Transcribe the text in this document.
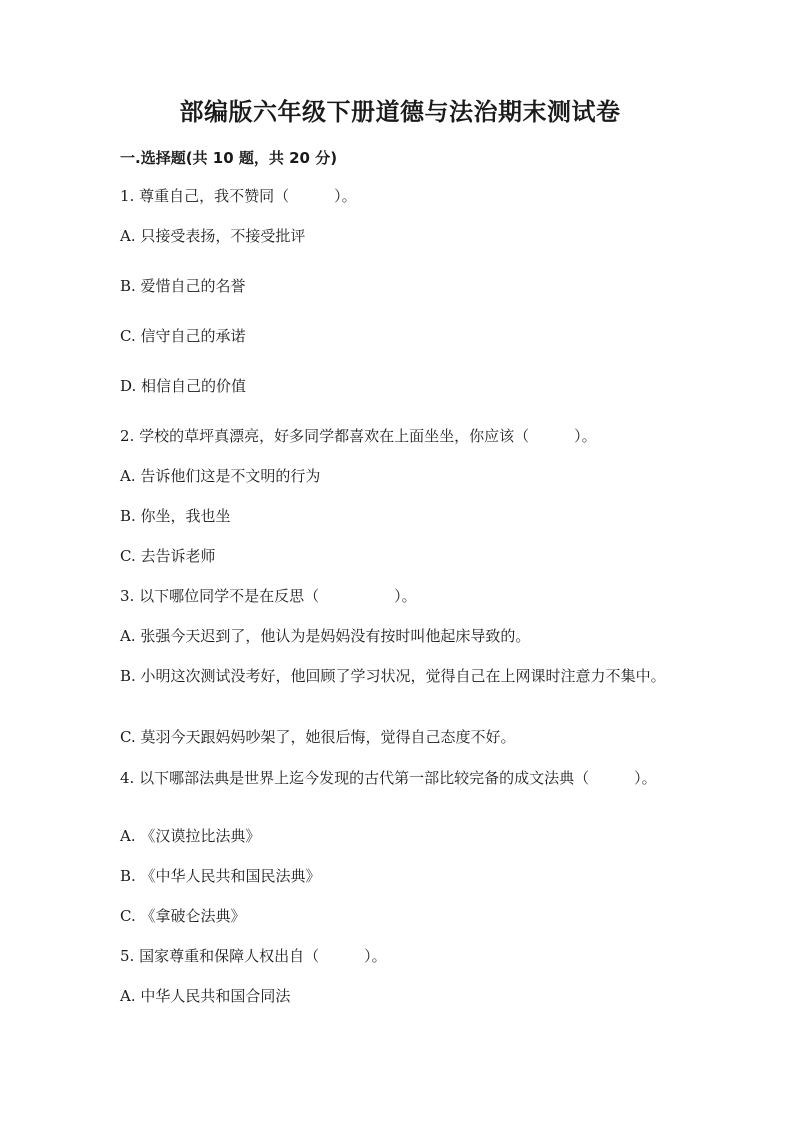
部编版六年级下册道德与法治期末测试卷
一.选择题(共 10 题，共 20 分)
1. 尊重自己，我不赞同（　　　）。
A. 只接受表扬，不接受批评
B. 爱惜自己的名誉
C. 信守自己的承诺
D. 相信自己的价值
2. 学校的草坪真漂亮，好多同学都喜欢在上面坐坐，你应该（　　　）。
A. 告诉他们这是不文明的行为
B. 你坐，我也坐
C. 去告诉老师
3. 以下哪位同学不是在反思（　　　　　）。
A. 张强今天迟到了，他认为是妈妈没有按时叫他起床导致的。
B. 小明这次测试没考好，他回顾了学习状况，觉得自己在上网课时注意力不集中。
C. 莫羽今天跟妈妈吵架了，她很后悔，觉得自己态度不好。
4. 以下哪部法典是世界上迄今发现的古代第一部比较完备的成文法典（　　　）。
A. 《汉谟拉比法典》
B. 《中华人民共和国民法典》
C. 《拿破仑法典》
5. 国家尊重和保障人权出自（　　　）。
A. 中华人民共和国合同法
